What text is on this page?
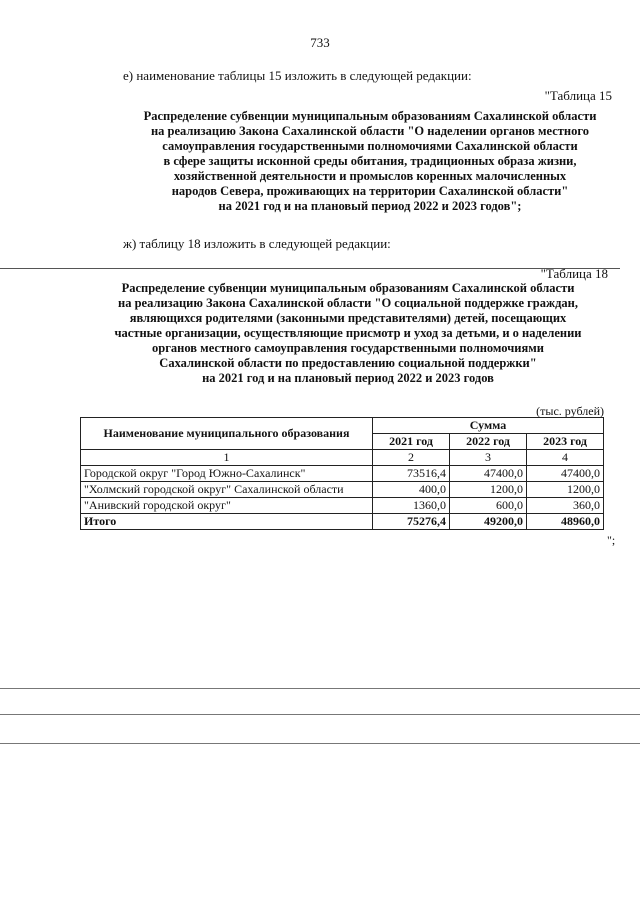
733
е) наименование таблицы 15 изложить в следующей редакции:
"Таблица 15
Распределение субвенции муниципальным образованиям Сахалинской области
на реализацию Закона Сахалинской области "О наделении органов местного
самоуправления государственными полномочиями Сахалинской области
в сфере защиты исконной среды обитания, традиционных образа жизни,
хозяйственной деятельности и промыслов коренных малочисленных
народов Севера, проживающих на территории Сахалинской области"
на 2021 год и на плановый период 2022 и 2023 годов";
ж) таблицу 18 изложить в следующей редакции:
"Таблица 18
Распределение субвенции муниципальным образованиям Сахалинской области
на реализацию Закона Сахалинской области "О социальной поддержке граждан,
являющихся родителями (законными представителями) детей, посещающих
частные организации, осуществляющие присмотр и уход за детьми, и о наделении
органов местного самоуправления государственными полномочиями
Сахалинской области по предоставлению социальной поддержки"
на 2021 год и на плановый период 2022 и 2023 годов
(тыс. рублей)
Наименование муниципального образования	Сумма		
	2021 год	2022 год	2023 год
1	2	3	4
Городской округ "Город Южно-Сахалинск"	73516,4	47400,0	47400,0
"Холмский городской округ" Сахалинской области	400,0	1200,0	1200,0
"Анивский городской округ"	1360,0	600,0	360,0
Итого	75276,4	49200,0	48960,0
";
